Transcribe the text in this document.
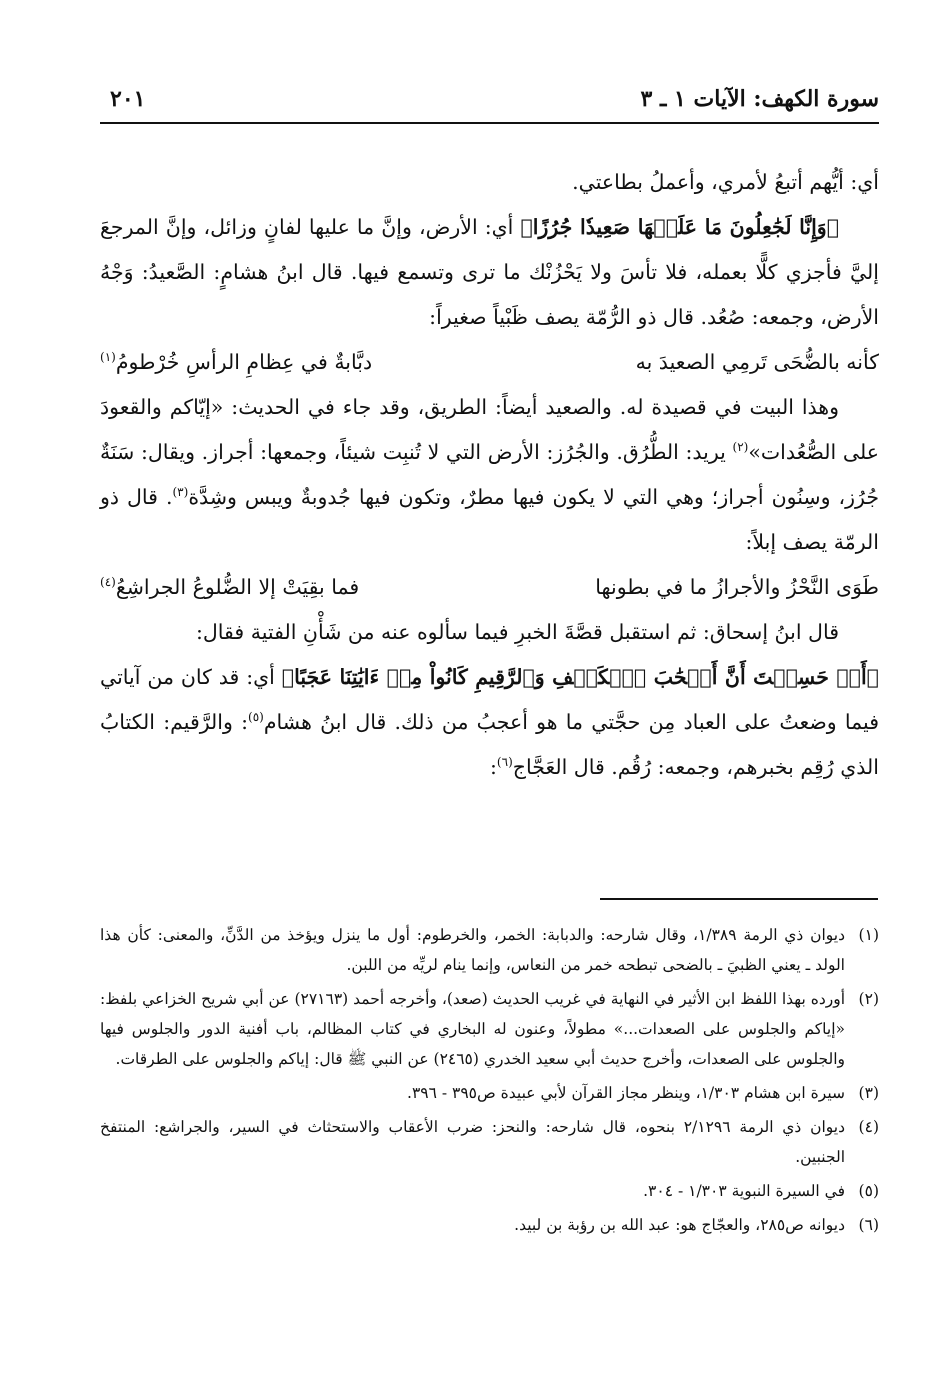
سورة الكهف: الآيات ١ ـ ٣
٢٠١

أي: أيُّهم أتبعُ لأمري، وأعملُ بطاعتي.

﴿وَإِنَّا لَجَٰعِلُونَ مَا عَلَيۡهَا صَعِيدٗا جُرُزًا﴾ أي: الأرض، وإنَّ ما عليها لفانٍ وزائل، وإنَّ المرجعَ إليَّ فأجزي كلًّا بعمله، فلا تأسَ ولا يَحْزُنْك ما ترى وتسمع فيها. قال ابنُ هشامٍ: الصَّعيدُ: وَجْهُ الأرض، وجمعه: صُعُد. قال ذو الرُّمّة يصف ظَبْياً صغيراً:

كأنه بالضُّحَى تَرمِي الصعيدَ به
دبَّابةٌ في عِظامِ الرأسِ خُرْطومُ$^{(١)}$

وهذا البيت في قصيدة له. والصعيد أيضاً: الطريق، وقد جاء في الحديث: «إيّاكم والقعودَ على الصُّعُدات»$^{(٢)}$ يريد: الطُّرُق. والجُرُز: الأرض التي لا تُنبِت شيئاً، وجمعها: أجراز. ويقال: سَنَةٌ جُرُز، وسِنُون أجراز؛ وهي التي لا يكون فيها مطرٌ، وتكون فيها جُدوبةٌ ويبس وشِدَّة$^{(٣)}$. قال ذو الرمّة يصف إبلاً:

طَوَى النَّحْزُ والأجرازُ ما في بطونها
فما بقِيَتْ إلا الضُّلوعُ الجراشِعُ$^{(٤)}$

قال ابنُ إسحاق: ثم استقبل قصَّةَ الخبرِ فيما سألوه عنه من شَأْنِ الفتية فقال:

﴿أَمۡ حَسِبۡتَ أَنَّ أَصۡحَٰبَ ٱلۡكَهۡفِ وَٱلرَّقِيمِ كَانُواْ مِنۡ ءَايَٰتِنَا عَجَبًا﴾ أي: قد كان من آياتي فيما وضعتُ على العباد مِن حجَّتي ما هو أعجبُ من ذلك. قال ابنُ هشام$^{(٥)}$: والرَّقيم: الكتابُ الذي رُقِم بخبرهم، وجمعه: رُقُم. قال العَجَّاج$^{(٦)}$:

(١)
ديوان ذي الرمة ١/٣٨٩، وقال شارحه: والدبابة: الخمر، والخرطوم: أول ما ينزل ويؤخذ من الدَّنِّ، والمعنى: كأن هذا الولد ـ يعني الظبيَ ـ بالضحى تبطحه خمر من النعاس، وإنما ينام لريِّه من اللبن.

(٢)
أورده بهذا اللفظ ابن الأثير في النهاية في غريب الحديث (صعد)، وأخرجه أحمد (٢٧١٦٣) عن أبي شريح الخزاعي بلفظ: «إياكم والجلوس على الصعدات...» مطولاً، وعنون له البخاري في كتاب المظالم، باب أفنية الدور والجلوس فيها والجلوس على الصعدات، وأخرج حديث أبي سعيد الخدري (٢٤٦٥) عن النبي ﷺ قال: إياكم والجلوس على الطرقات.

(٣)
سيرة ابن هشام ١/٣٠٣، وينظر مجاز القرآن لأبي عبيدة ص٣٩٥ - ٣٩٦.

(٤)
ديوان ذي الرمة ٢/١٢٩٦ بنحوه، قال شارحه: والنحز: ضرب الأعقاب والاستحثاث في السير، والجراشع: المنتفخ الجنبين.

(٥)
في السيرة النبوية ١/٣٠٣ - ٣٠٤.

(٦)
ديوانه ص٢٨٥، والعجّاج هو: عبد الله بن رؤبة بن لبيد.
